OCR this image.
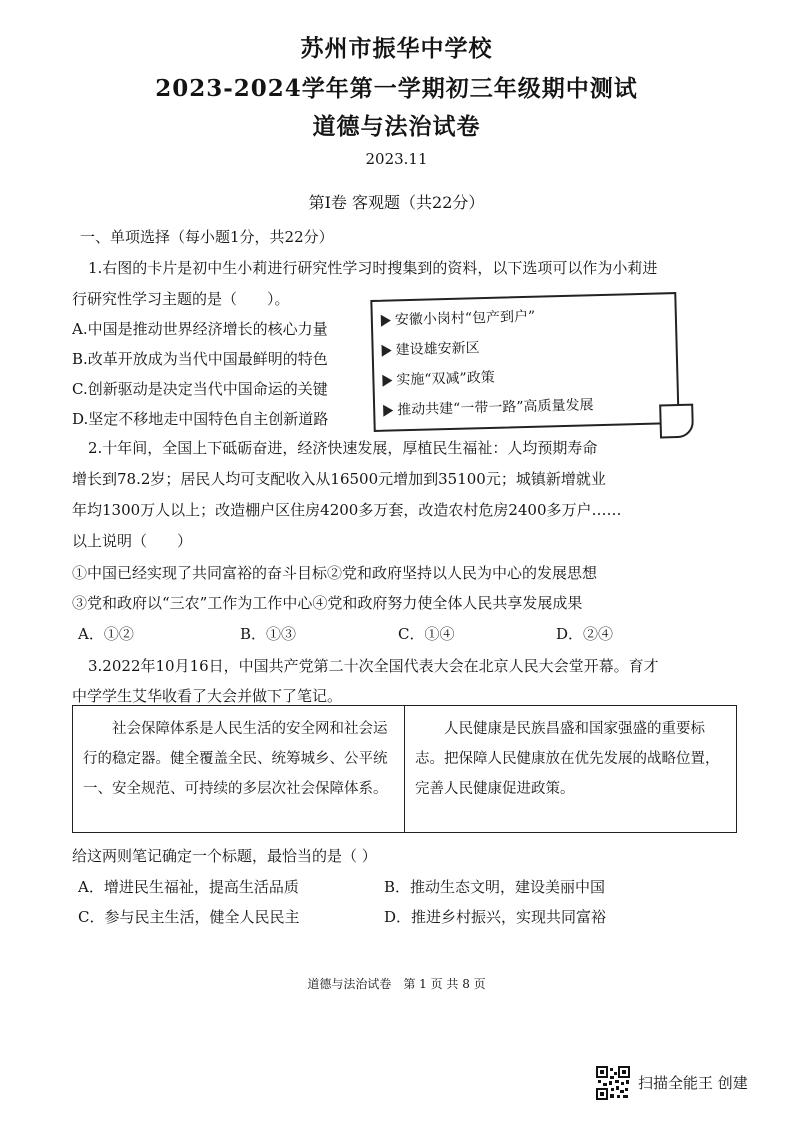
苏州市振华中学校
2023-2024学年第一学期初三年级期中测试
道德与法治试卷
2023.11
第Ⅰ卷 客观题（共22分）
一、单项选择（每小题1分，共22分）
1.右图的卡片是初中生小莉进行研究性学习时搜集到的资料，以下选项可以作为小莉进
行研究性学习主题的是（　　）。
A.中国是推动世界经济增长的核心力量
B.改革开放成为当代中国最鲜明的特色
C.创新驱动是决定当代中国命运的关键
D.坚定不移地走中国特色自主创新道路
安徽小岗村“包产到户”
建设雄安新区
实施“双减”政策
推动共建“一带一路”高质量发展
2.十年间，全国上下砥砺奋进，经济快速发展，厚植民生福祉：人均预期寿命
增长到78.2岁；居民人均可支配收入从16500元增加到35100元；城镇新增就业
年均1300万人以上；改造棚户区住房4200多万套，改造农村危房2400多万户……
以上说明（　　）
①中国已经实现了共同富裕的奋斗目标②党和政府坚持以人民为中心的发展思想
③党和政府以“三农”工作为工作中心④党和政府努力使全体人民共享发展成果
A．①②	B．①③	C．①④	D．②④
3.2022年10月16日，中国共产党第二十次全国代表大会在北京人民大会堂开幕。育才
中学学生艾华收看了大会并做下了笔记。
　　社会保障体系是人民生活的安全网和社会运行的稳定器。健全覆盖全民、统筹城乡、公平统一、安全规范、可持续的多层次社会保障体系。	　　人民健康是民族昌盛和国家强盛的重要标志。把保障人民健康放在优先发展的战略位置，完善人民健康促进政策。
给这两则笔记确定一个标题，最恰当的是（ ）
A．增进民生福祉，提高生活品质	B．推动生态文明，建设美丽中国
C．参与民主生活，健全人民民主	D．推进乡村振兴，实现共同富裕
道德与法治试卷　第 1 页 共 8 页
扫描全能王 创建
